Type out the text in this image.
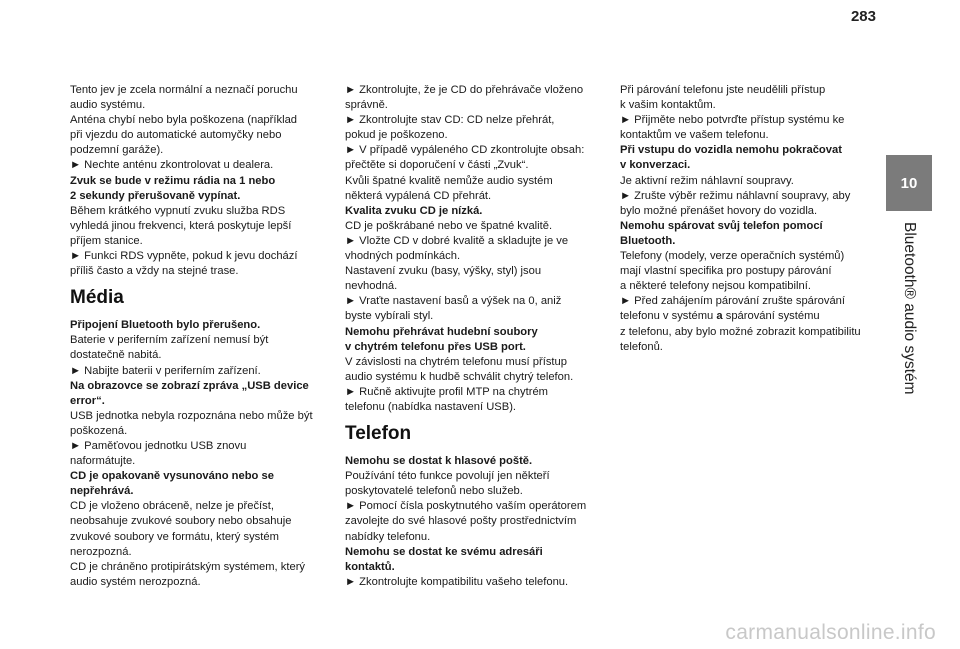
283
10
Bluetooth® audio systém

Tento jev je zcela normální a neznačí poruchu

audio systému.

Anténa chybí nebo byla poškozena (například

při vjezdu do automatické automyčky nebo

podzemní garáže).

► Nechte anténu zkontrolovat u dealera.

Zvuk se bude v režimu rádia na 1 nebo

2 sekundy přerušovaně vypínat.

Během krátkého vypnutí zvuku služba RDS

vyhledá jinou frekvenci, která poskytuje lepší

příjem stanice.

► Funkci RDS vypněte, pokud k jevu dochází

příliš často a vždy na stejné trase.

Média

Připojení Bluetooth bylo přerušeno.

Baterie v periferním zařízení nemusí být

dostatečně nabitá.

► Nabijte baterii v periferním zařízení.

Na obrazovce se zobrazí zpráva „USB device

error“.

USB jednotka nebyla rozpoznána nebo může být

poškozená.

► Paměťovou jednotku USB znovu

naformátujte.

CD je opakovaně vysunováno nebo se

nepřehrává.

CD je vloženo obráceně, nelze je přečíst,

neobsahuje zvukové soubory nebo obsahuje

zvukové soubory ve formátu, který systém

nerozpozná.

CD je chráněno protipirátským systémem, který

audio systém nerozpozná.

► Zkontrolujte, že je CD do přehrávače vloženo

správně.

► Zkontrolujte stav CD: CD nelze přehrát,

pokud je poškozeno.

► V případě vypáleného CD zkontrolujte obsah:

přečtěte si doporučení v části „Zvuk“.

Kvůli špatné kvalitě nemůže audio systém

některá vypálená CD přehrát.

Kvalita zvuku CD je nízká.

CD je poškrábané nebo ve špatné kvalitě.

► Vložte CD v dobré kvalitě a skladujte je ve

vhodných podmínkách.

Nastavení zvuku (basy, výšky, styl) jsou

nevhodná.

► Vraťte nastavení basů a výšek na 0, aniž

byste vybírali styl.

Nemohu přehrávat hudební soubory

v chytrém telefonu přes USB port.

V závislosti na chytrém telefonu musí přístup

audio systému k hudbě schválit chytrý telefon.

► Ručně aktivujte profil MTP na chytrém

telefonu (nabídka nastavení USB).

Telefon

Nemohu se dostat k hlasové poště.

Používání této funkce povolují jen někteří

poskytovatelé telefonů nebo služeb.

► Pomocí čísla poskytnutého vaším operátorem

zavolejte do své hlasové pošty prostřednictvím

nabídky telefonu.

Nemohu se dostat ke svému adresáři

kontaktů.

► Zkontrolujte kompatibilitu vašeho telefonu.

Při párování telefonu jste neudělili přístup

k vašim kontaktům.

► Přijměte nebo potvrďte přístup systému ke

kontaktům ve vašem telefonu.

Při vstupu do vozidla nemohu pokračovat

v konverzaci.

Je aktivní režim náhlavní soupravy.

► Zrušte výběr režimu náhlavní soupravy, aby

bylo možné přenášet hovory do vozidla.

Nemohu spárovat svůj telefon pomocí

Bluetooth.

Telefony (modely, verze operačních systémů)

mají vlastní specifika pro postupy párování

a některé telefony nejsou kompatibilní.

► Před zahájením párování zrušte spárování

telefonu v systému a spárování systému

z telefonu, aby bylo možné zobrazit kompatibilitu

telefonů.

carmanualsonline.info
